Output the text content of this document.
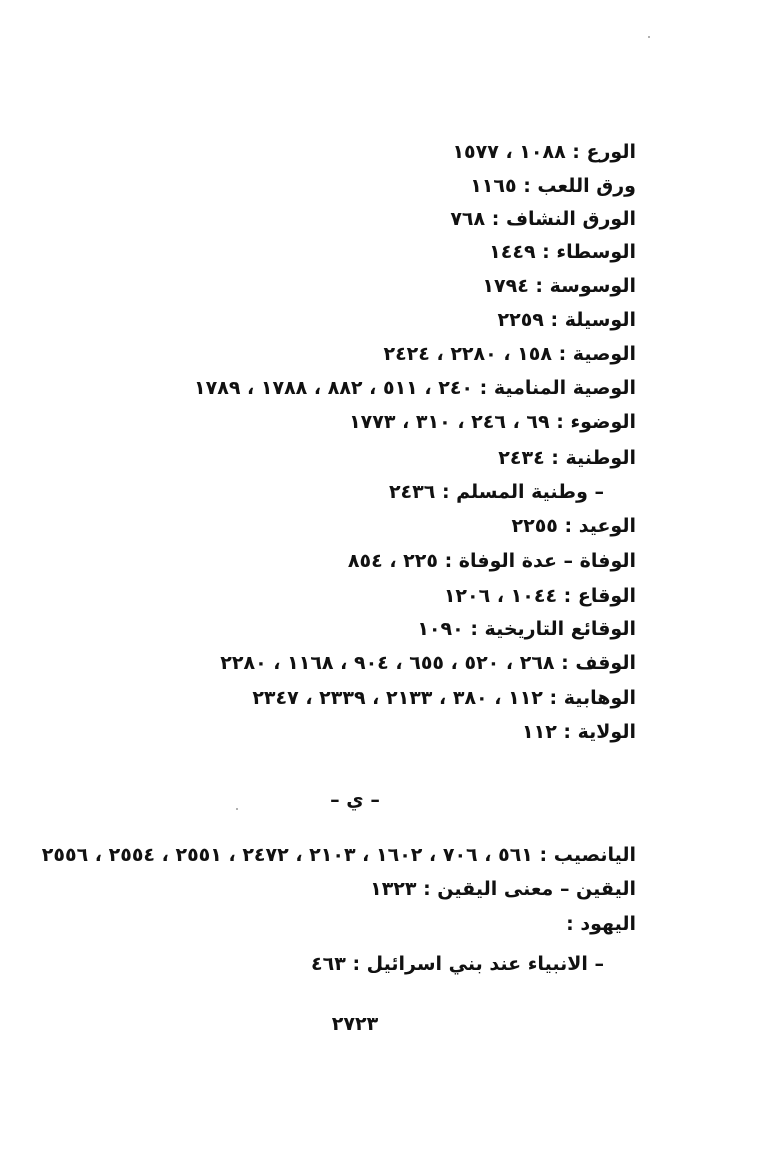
الورع : ١٠٨٨ ، ١٥٧٧
ورق اللعب : ١١٦٥
الورق النشاف : ٧٦٨
الوسطاء : ١٤٤٩
الوسوسة : ١٧٩٤
الوسيلة : ٢٢٥٩
الوصية : ١٥٨ ، ٢٢٨٠ ، ٢٤٢٤
الوصية المنامية : ٢٤٠ ، ٥١١ ، ٨٨٢ ، ١٧٨٨ ، ١٧٨٩
الوضوء : ٦٩ ، ٢٤٦ ، ٣١٠ ، ١٧٧٣
الوطنية : ٢٤٣٤
– وطنية المسلم : ٢٤٣٦
الوعيد : ٢٢٥٥
الوفاة – عدة الوفاة : ٢٢٥ ، ٨٥٤
الوقاع : ١٠٤٤ ، ١٢٠٦
الوقائع التاريخية : ١٠٩٠
الوقف : ٢٦٨ ، ٥٢٠ ، ٦٥٥ ، ٩٠٤ ، ١١٦٨ ، ٢٢٨٠
الوهابية : ١١٢ ، ٣٨٠ ، ٢١٣٣ ، ٢٣٣٩ ، ٢٣٤٧
الولاية : ١١٢
– ي –
اليانصيب : ٥٦١ ، ٧٠٦ ، ١٦٠٢ ، ٢١٠٣ ، ٢٤٧٢ ، ٢٥٥١ ، ٢٥٥٤ ، ٢٥٥٦
اليقين – معنى اليقين : ١٣٢٣
اليهود :
– الانبياء عند بني اسرائيل : ٤٦٣
٢٧٢٣
